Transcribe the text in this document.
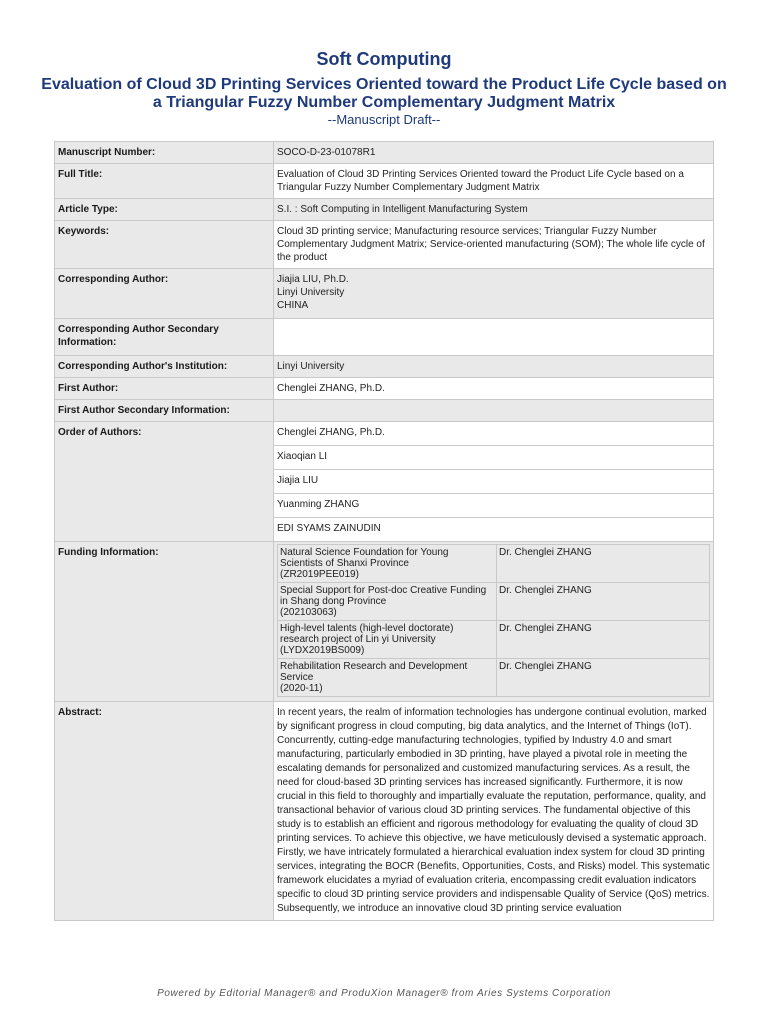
Soft Computing
Evaluation of Cloud 3D Printing Services Oriented toward the Product Life Cycle based on a Triangular Fuzzy Number Complementary Judgment Matrix
--Manuscript Draft--
Manuscript Number:	SOCO-D-23-01078R1
Full Title:	Evaluation of Cloud 3D Printing Services Oriented toward the Product Life Cycle based on a Triangular Fuzzy Number Complementary Judgment Matrix
Article Type:	S.I. : Soft Computing in Intelligent Manufacturing System
Keywords:	Cloud 3D printing service; Manufacturing resource services; Triangular Fuzzy Number Complementary Judgment Matrix; Service-oriented manufacturing (SOM); The whole life cycle of the product
Corresponding Author:	Jiajia LIU, Ph.D.
Linyi University
CHINA

Corresponding Author Secondary Information:	
Corresponding Author's Institution:	Linyi University
First Author:	Chenglei ZHANG, Ph.D.
First Author Secondary Information:	
Order of Authors:	Chenglei ZHANG, Ph.D.
Xiaoqian LI
Jiajia LIU
Yuanming ZHANG
EDI SYAMS ZAINUDIN
Funding Information:		Natural Science Foundation for Young Scientists of Shanxi Province
(ZR2019PEE019)	Dr. Chenglei ZHANG
Special Support for Post-doc Creative Funding in Shang dong Province
(202103063)	Dr. Chenglei ZHANG
High-level talents (high-level doctorate) research project of Lin yi University
(LYDX2019BS009)	Dr. Chenglei ZHANG
Rehabilitation Research and Development Service
(2020-11)	Dr. Chenglei ZHANG

Abstract:	In recent years, the realm of information technologies has undergone continual evolution, marked by significant progress in cloud computing, big data analytics, and the Internet of Things (IoT). Concurrently, cutting-edge manufacturing technologies, typified by Industry 4.0 and smart manufacturing, particularly embodied in 3D printing, have played a pivotal role in meeting the escalating demands for personalized and customized manufacturing services. As a result, the need for cloud-based 3D printing services has increased significantly. Furthermore, it is now crucial in this field to thoroughly and impartially evaluate the reputation, performance, quality, and transactional behavior of various cloud 3D printing services. The fundamental objective of this study is to establish an efficient and rigorous methodology for evaluating the quality of cloud 3D printing services. To achieve this objective, we have meticulously devised a systematic approach. Firstly, we have intricately formulated a hierarchical evaluation index system for cloud 3D printing services, integrating the BOCR (Benefits, Opportunities, Costs, and Risks) model. This systematic framework elucidates a myriad of evaluation criteria, encompassing credit evaluation indicators specific to cloud 3D printing service providers and indispensable Quality of Service (QoS) metrics. Subsequently, we introduce an innovative cloud 3D printing service evaluation
Powered by Editorial Manager® and ProduXion Manager® from Aries Systems Corporation
